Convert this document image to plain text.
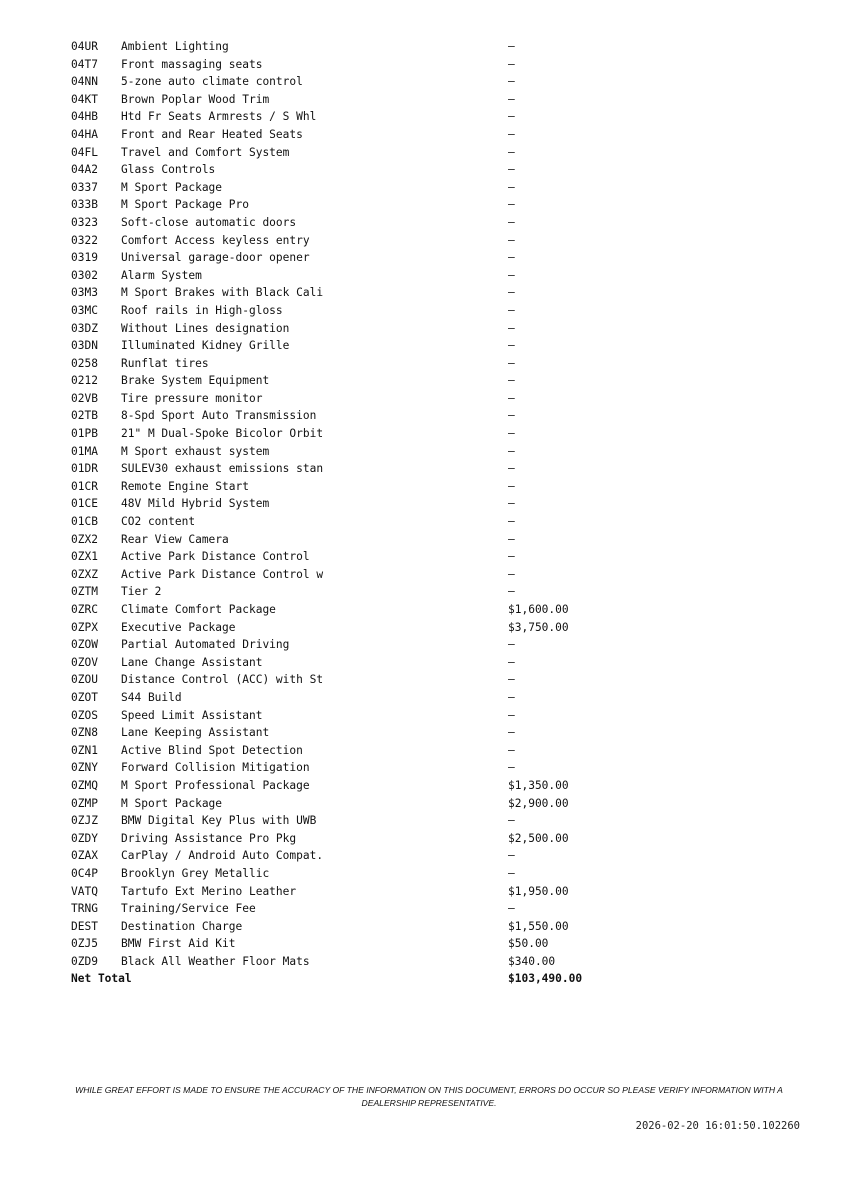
04UR Ambient Lighting	—
04T7 Front massaging seats	—
04NN 5-zone auto climate control	—
04KT Brown Poplar Wood Trim	—
04HB Htd Fr Seats Armrests / S Whl	—
04HA Front and Rear Heated Seats	—
04FL Travel and Comfort System	—
04A2 Glass Controls	—
0337 M Sport Package	—
033B M Sport Package Pro	—
0323 Soft-close automatic doors	—
0322 Comfort Access keyless entry	—
0319 Universal garage-door opener	—
0302 Alarm System	—
03M3 M Sport Brakes with Black Cali	—
03MC Roof rails in High-gloss	—
03DZ Without Lines designation	—
03DN Illuminated Kidney Grille	—
0258 Runflat tires	—
0212 Brake System Equipment	—
02VB Tire pressure monitor	—
02TB 8-Spd Sport Auto Transmission	—
01PB 21" M Dual-Spoke Bicolor Orbit	—
01MA M Sport exhaust system	—
01DR SULEV30 exhaust emissions stan	—
01CR Remote Engine Start	—
01CE 48V Mild Hybrid System	—
01CB CO2 content	—
0ZX2 Rear View Camera	—
0ZX1 Active Park Distance Control	—
0ZXZ Active Park Distance Control w	—
0ZTM Tier 2	—
0ZRC Climate Comfort Package	$1,600.00
0ZPX Executive Package	$3,750.00
0ZOW Partial Automated Driving	—
0ZOV Lane Change Assistant	—
0ZOU Distance Control (ACC) with St	—
0ZOT S44 Build	—
0ZOS Speed Limit Assistant	—
0ZN8 Lane Keeping Assistant	—
0ZN1 Active Blind Spot Detection	—
0ZNY Forward Collision Mitigation	—
0ZMQ M Sport Professional Package	$1,350.00
0ZMP M Sport Package	$2,900.00
0ZJZ BMW Digital Key Plus with UWB	—
0ZDY Driving Assistance Pro Pkg	$2,500.00
0ZAX CarPlay / Android Auto Compat.	—
0C4P Brooklyn Grey Metallic	—
VATQ Tartufo Ext Merino Leather	$1,950.00
TRNG Training/Service Fee	—
DEST Destination Charge	$1,550.00
0ZJ5 BMW First Aid Kit	$50.00
0ZD9 Black All Weather Floor Mats	$340.00
Net Total	$103,490.00
WHILE GREAT EFFORT IS MADE TO ENSURE THE ACCURACY OF THE INFORMATION ON THIS DOCUMENT, ERRORS DO OCCUR SO PLEASE VERIFY INFORMATION WITH A DEALERSHIP REPRESENTATIVE.
2026-02-20 16:01:50.102260
